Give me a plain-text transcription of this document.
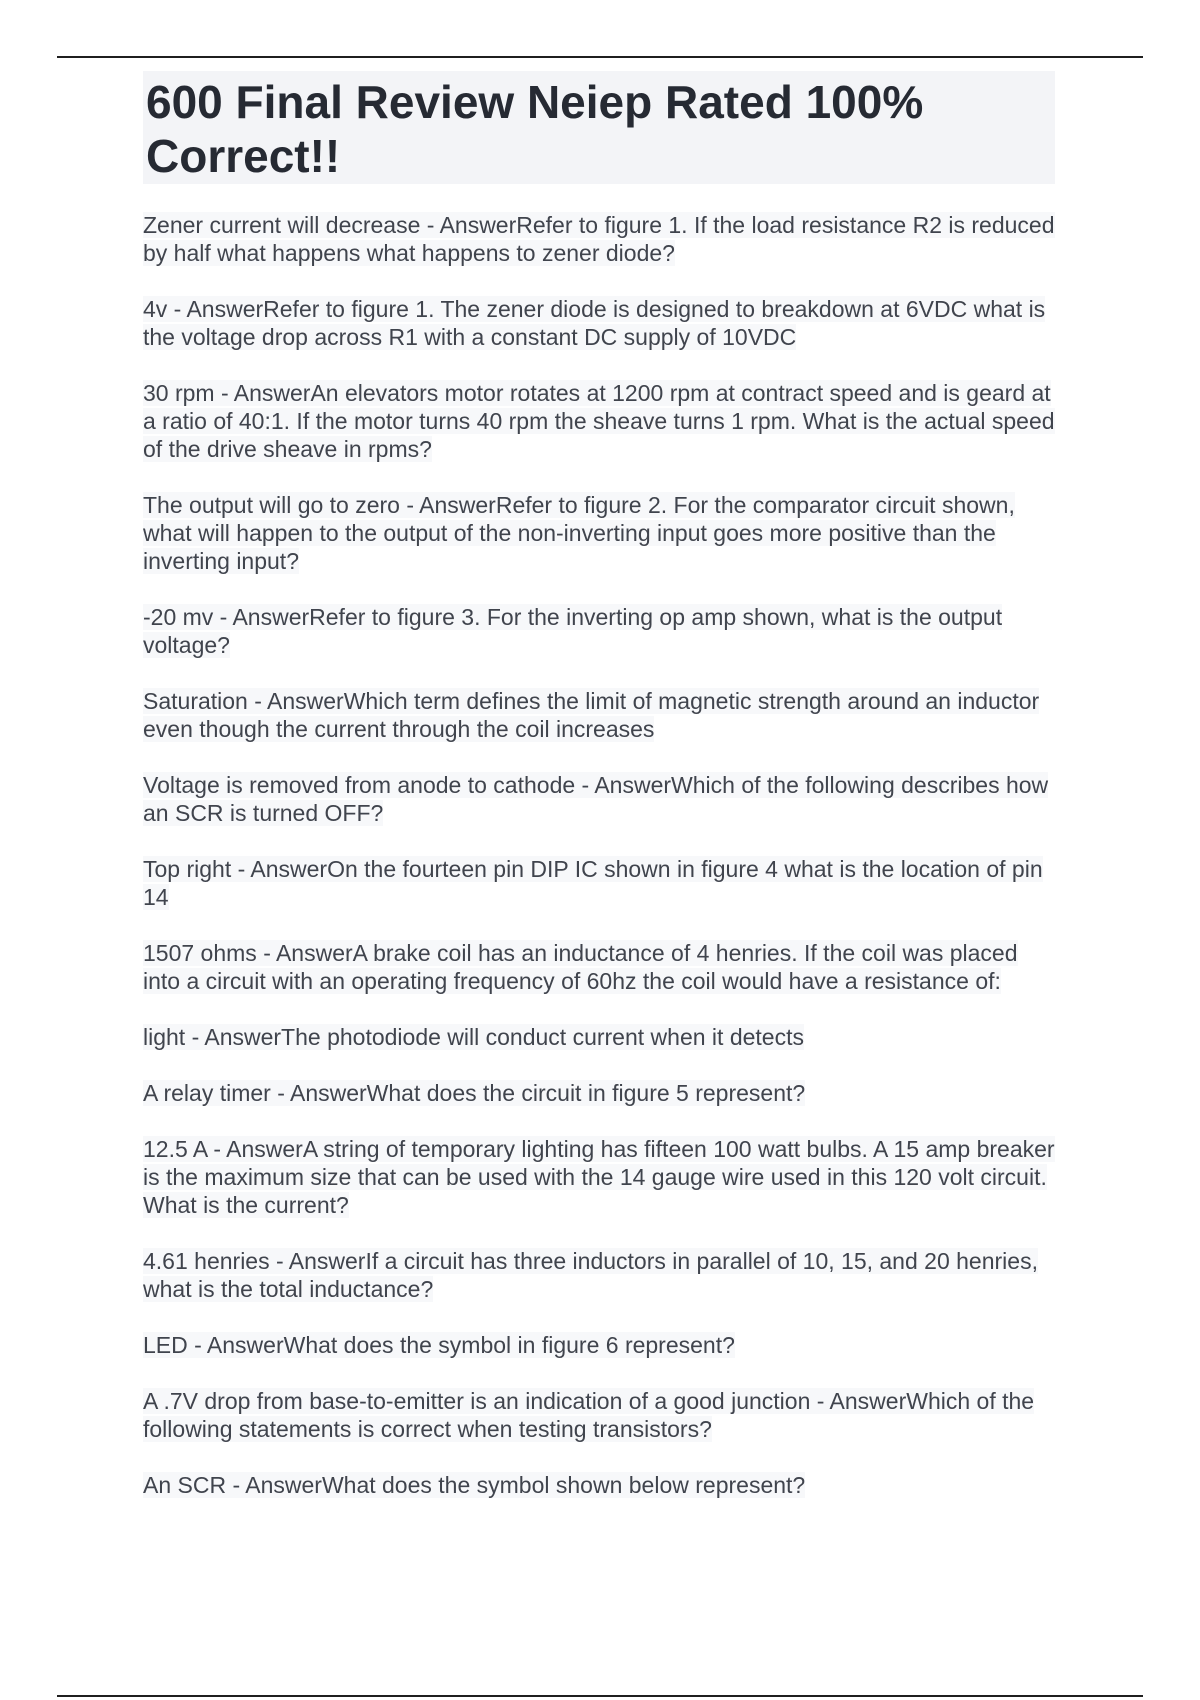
600 Final Review Neiep Rated 100% Correct!!

Zener current will decrease - AnswerRefer to figure 1. If the load resistance R2 is reduced by half what happens what happens to zener diode?

4v - AnswerRefer to figure 1. The zener diode is designed to breakdown at 6VDC what is the voltage drop across R1 with a constant DC supply of 10VDC

30 rpm - AnswerAn elevators motor rotates at 1200 rpm at contract speed and is geard at a ratio of 40:1. If the motor turns 40 rpm the sheave turns 1 rpm. What is the actual speed of the drive sheave in rpms?

The output will go to zero - AnswerRefer to figure 2. For the comparator circuit shown, what will happen to the output of the non-inverting input goes more positive than the inverting input?

-20 mv - AnswerRefer to figure 3. For the inverting op amp shown, what is the output voltage?

Saturation - AnswerWhich term defines the limit of magnetic strength around an inductor even though the current through the coil increases

Voltage is removed from anode to cathode - AnswerWhich of the following describes how an SCR is turned OFF?

Top right - AnswerOn the fourteen pin DIP IC shown in figure 4 what is the location of pin 14

1507 ohms - AnswerA brake coil has an inductance of 4 henries. If the coil was placed into a circuit with an operating frequency of 60hz the coil would have a resistance of:

light - AnswerThe photodiode will conduct current when it detects

A relay timer - AnswerWhat does the circuit in figure 5 represent?

12.5 A - AnswerA string of temporary lighting has fifteen 100 watt bulbs. A 15 amp breaker is the maximum size that can be used with the 14 gauge wire used in this 120 volt circuit. What is the current?

4.61 henries - AnswerIf a circuit has three inductors in parallel of 10, 15, and 20 henries, what is the total inductance?

LED - AnswerWhat does the symbol in figure 6 represent?

A .7V drop from base-to-emitter is an indication of a good junction - AnswerWhich of the following statements is correct when testing transistors?

An SCR - AnswerWhat does the symbol shown below represent?
